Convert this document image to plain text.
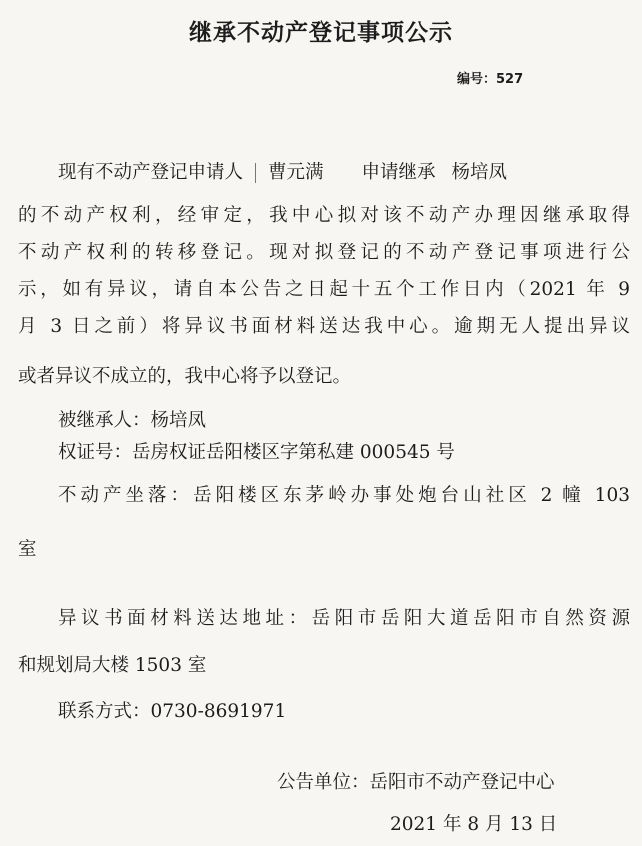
继承不动产登记事项公示
编号：527
现有不动产登记申请人 曹元满 申请继承 杨培凤
的不动产权利，经审定，我中心拟对该不动产办理因继承取得
不动产权利的转移登记。现对拟登记的不动产登记事项进行公
示，如有异议，请自本公告之日起十五个工作日内（2021 年 9
月 3 日之前）将异议书面材料送达我中心。逾期无人提出异议
或者异议不成立的，我中心将予以登记。
被继承人：杨培凤
权证号：岳房权证岳阳楼区字第私建 000545 号
不动产坐落：岳阳楼区东茅岭办事处炮台山社区 2 幢 103
室
异议书面材料送达地址：岳阳市岳阳大道岳阳市自然资源
和规划局大楼 1503 室
联系方式：0730-8691971
公告单位：岳阳市不动产登记中心
2021 年 8 月 13 日
